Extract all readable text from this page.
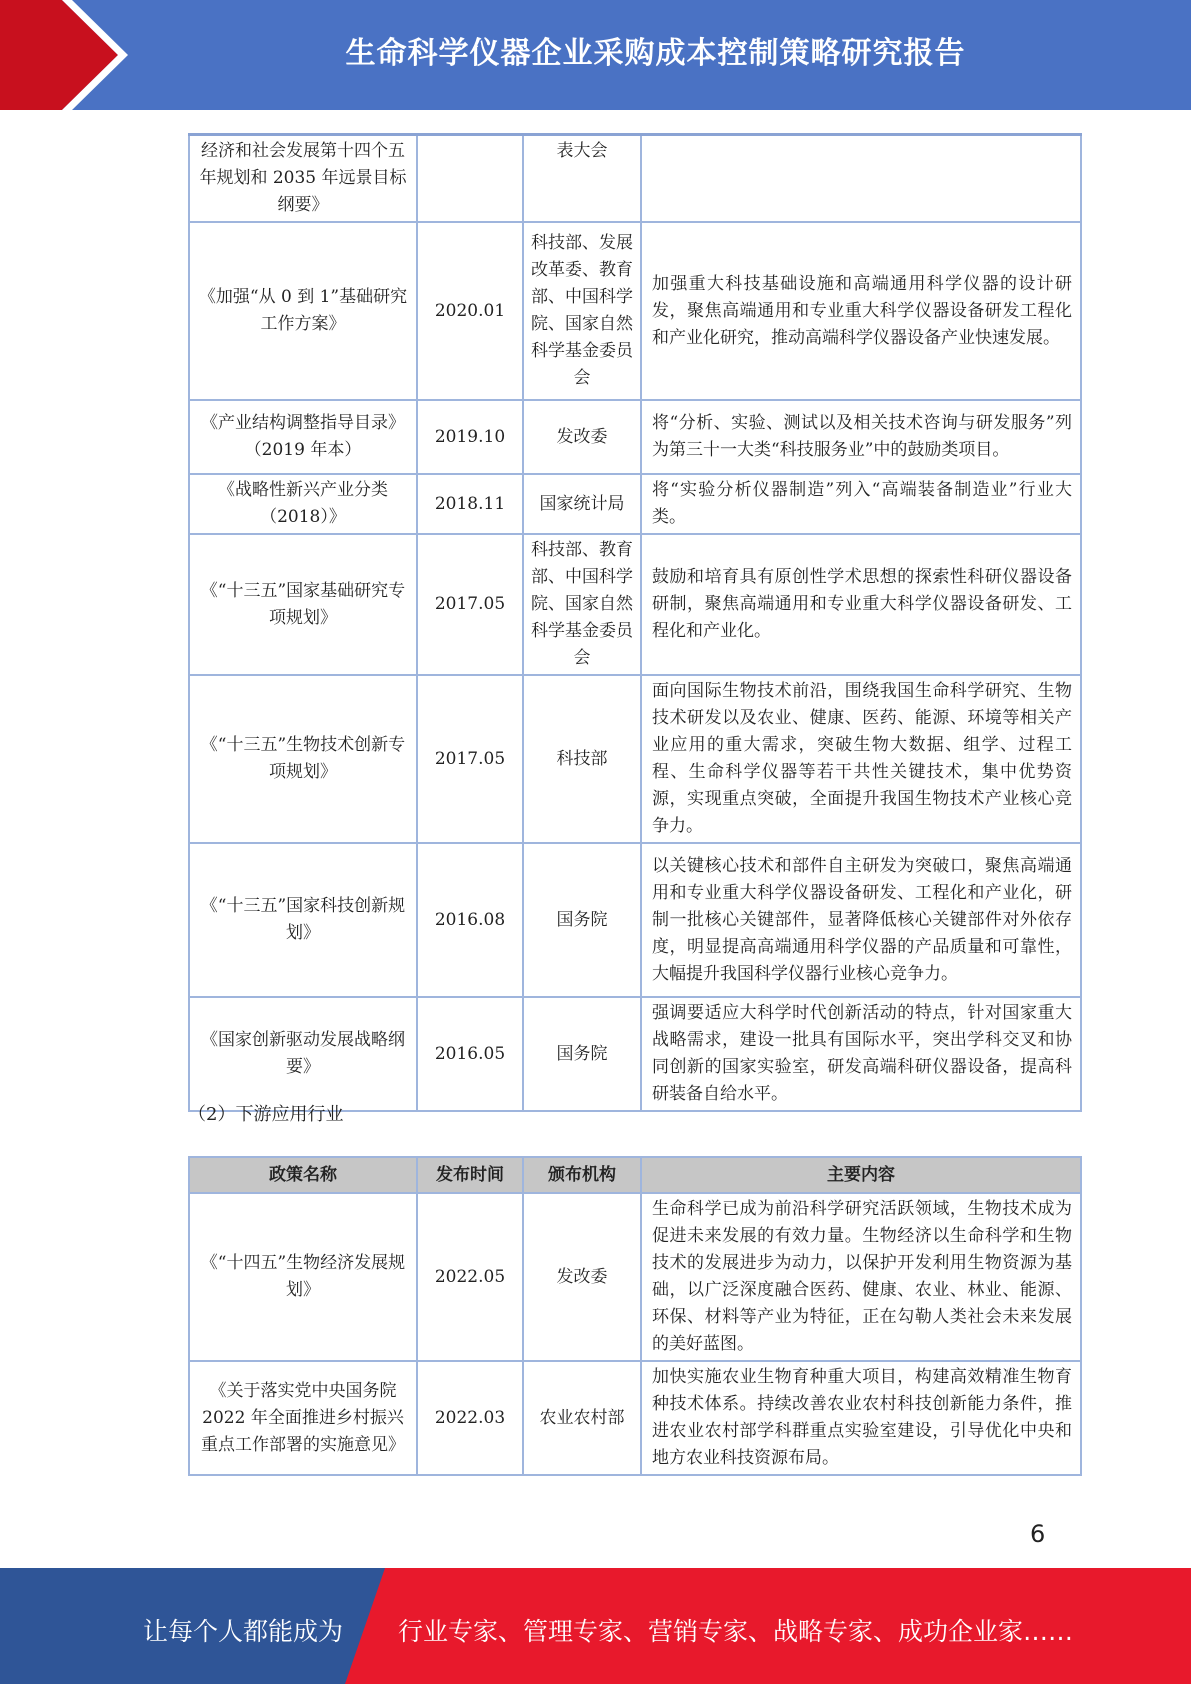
生命科学仪器企业采购成本控制策略研究报告
经济和社会发展第十四个五年规划和 2035 年远景目标纲要》		表大会	
《加强“从 0 到 1”基础研究工作方案》	2020.01	科技部、发展改革委、教育部、中国科学院、国家自然科学基金委员会	加强重大科技基础设施和高端通用科学仪器的设计研发，聚焦高端通用和专业重大科学仪器设备研发工程化和产业化研究，推动高端科学仪器设备产业快速发展。
《产业结构调整指导目录》（2019 年本）	2019.10	发改委	将“分析、实验、测试以及相关技术咨询与研发服务”列为第三十一大类“科技服务业”中的鼓励类项目。
《战略性新兴产业分类（2018）》	2018.11	国家统计局	将“实验分析仪器制造”列入“高端装备制造业”行业大类。
《“十三五”国家基础研究专项规划》	2017.05	科技部、教育部、中国科学院、国家自然科学基金委员会	鼓励和培育具有原创性学术思想的探索性科研仪器设备研制，聚焦高端通用和专业重大科学仪器设备研发、工程化和产业化。
《“十三五”生物技术创新专项规划》	2017.05	科技部	面向国际生物技术前沿，围绕我国生命科学研究、生物技术研发以及农业、健康、医药、能源、环境等相关产业应用的重大需求，突破生物大数据、组学、过程工程、生命科学仪器等若干共性关键技术，集中优势资源，实现重点突破，全面提升我国生物技术产业核心竞争力。
《“十三五”国家科技创新规划》	2016.08	国务院	以关键核心技术和部件自主研发为突破口，聚焦高端通用和专业重大科学仪器设备研发、工程化和产业化，研制一批核心关键部件，显著降低核心关键部件对外依存度，明显提高高端通用科学仪器的产品质量和可靠性，大幅提升我国科学仪器行业核心竞争力。
《国家创新驱动发展战略纲要》	2016.05	国务院	强调要适应大科学时代创新活动的特点，针对国家重大战略需求，建设一批具有国际水平，突出学科交叉和协同创新的国家实验室，研发高端科研仪器设备，提高科研装备自给水平。
（2）下游应用行业
政策名称	发布时间	颁布机构	主要内容
《“十四五”生物经济发展规划》	2022.05	发改委	生命科学已成为前沿科学研究活跃领域，生物技术成为促进未来发展的有效力量。生物经济以生命科学和生物技术的发展进步为动力，以保护开发利用生物资源为基础，以广泛深度融合医药、健康、农业、林业、能源、环保、材料等产业为特征，正在勾勒人类社会未来发展的美好蓝图。
《关于落实党中央国务院 2022 年全面推进乡村振兴重点工作部署的实施意见》	2022.03	农业农村部	加快实施农业生物育种重大项目，构建高效精准生物育种技术体系。持续改善农业农村科技创新能力条件，推进农业农村部学科群重点实验室建设，引导优化中央和地方农业科技资源布局。
6
让每个人都能成为 行业专家、管理专家、营销专家、战略专家、成功企业家……
